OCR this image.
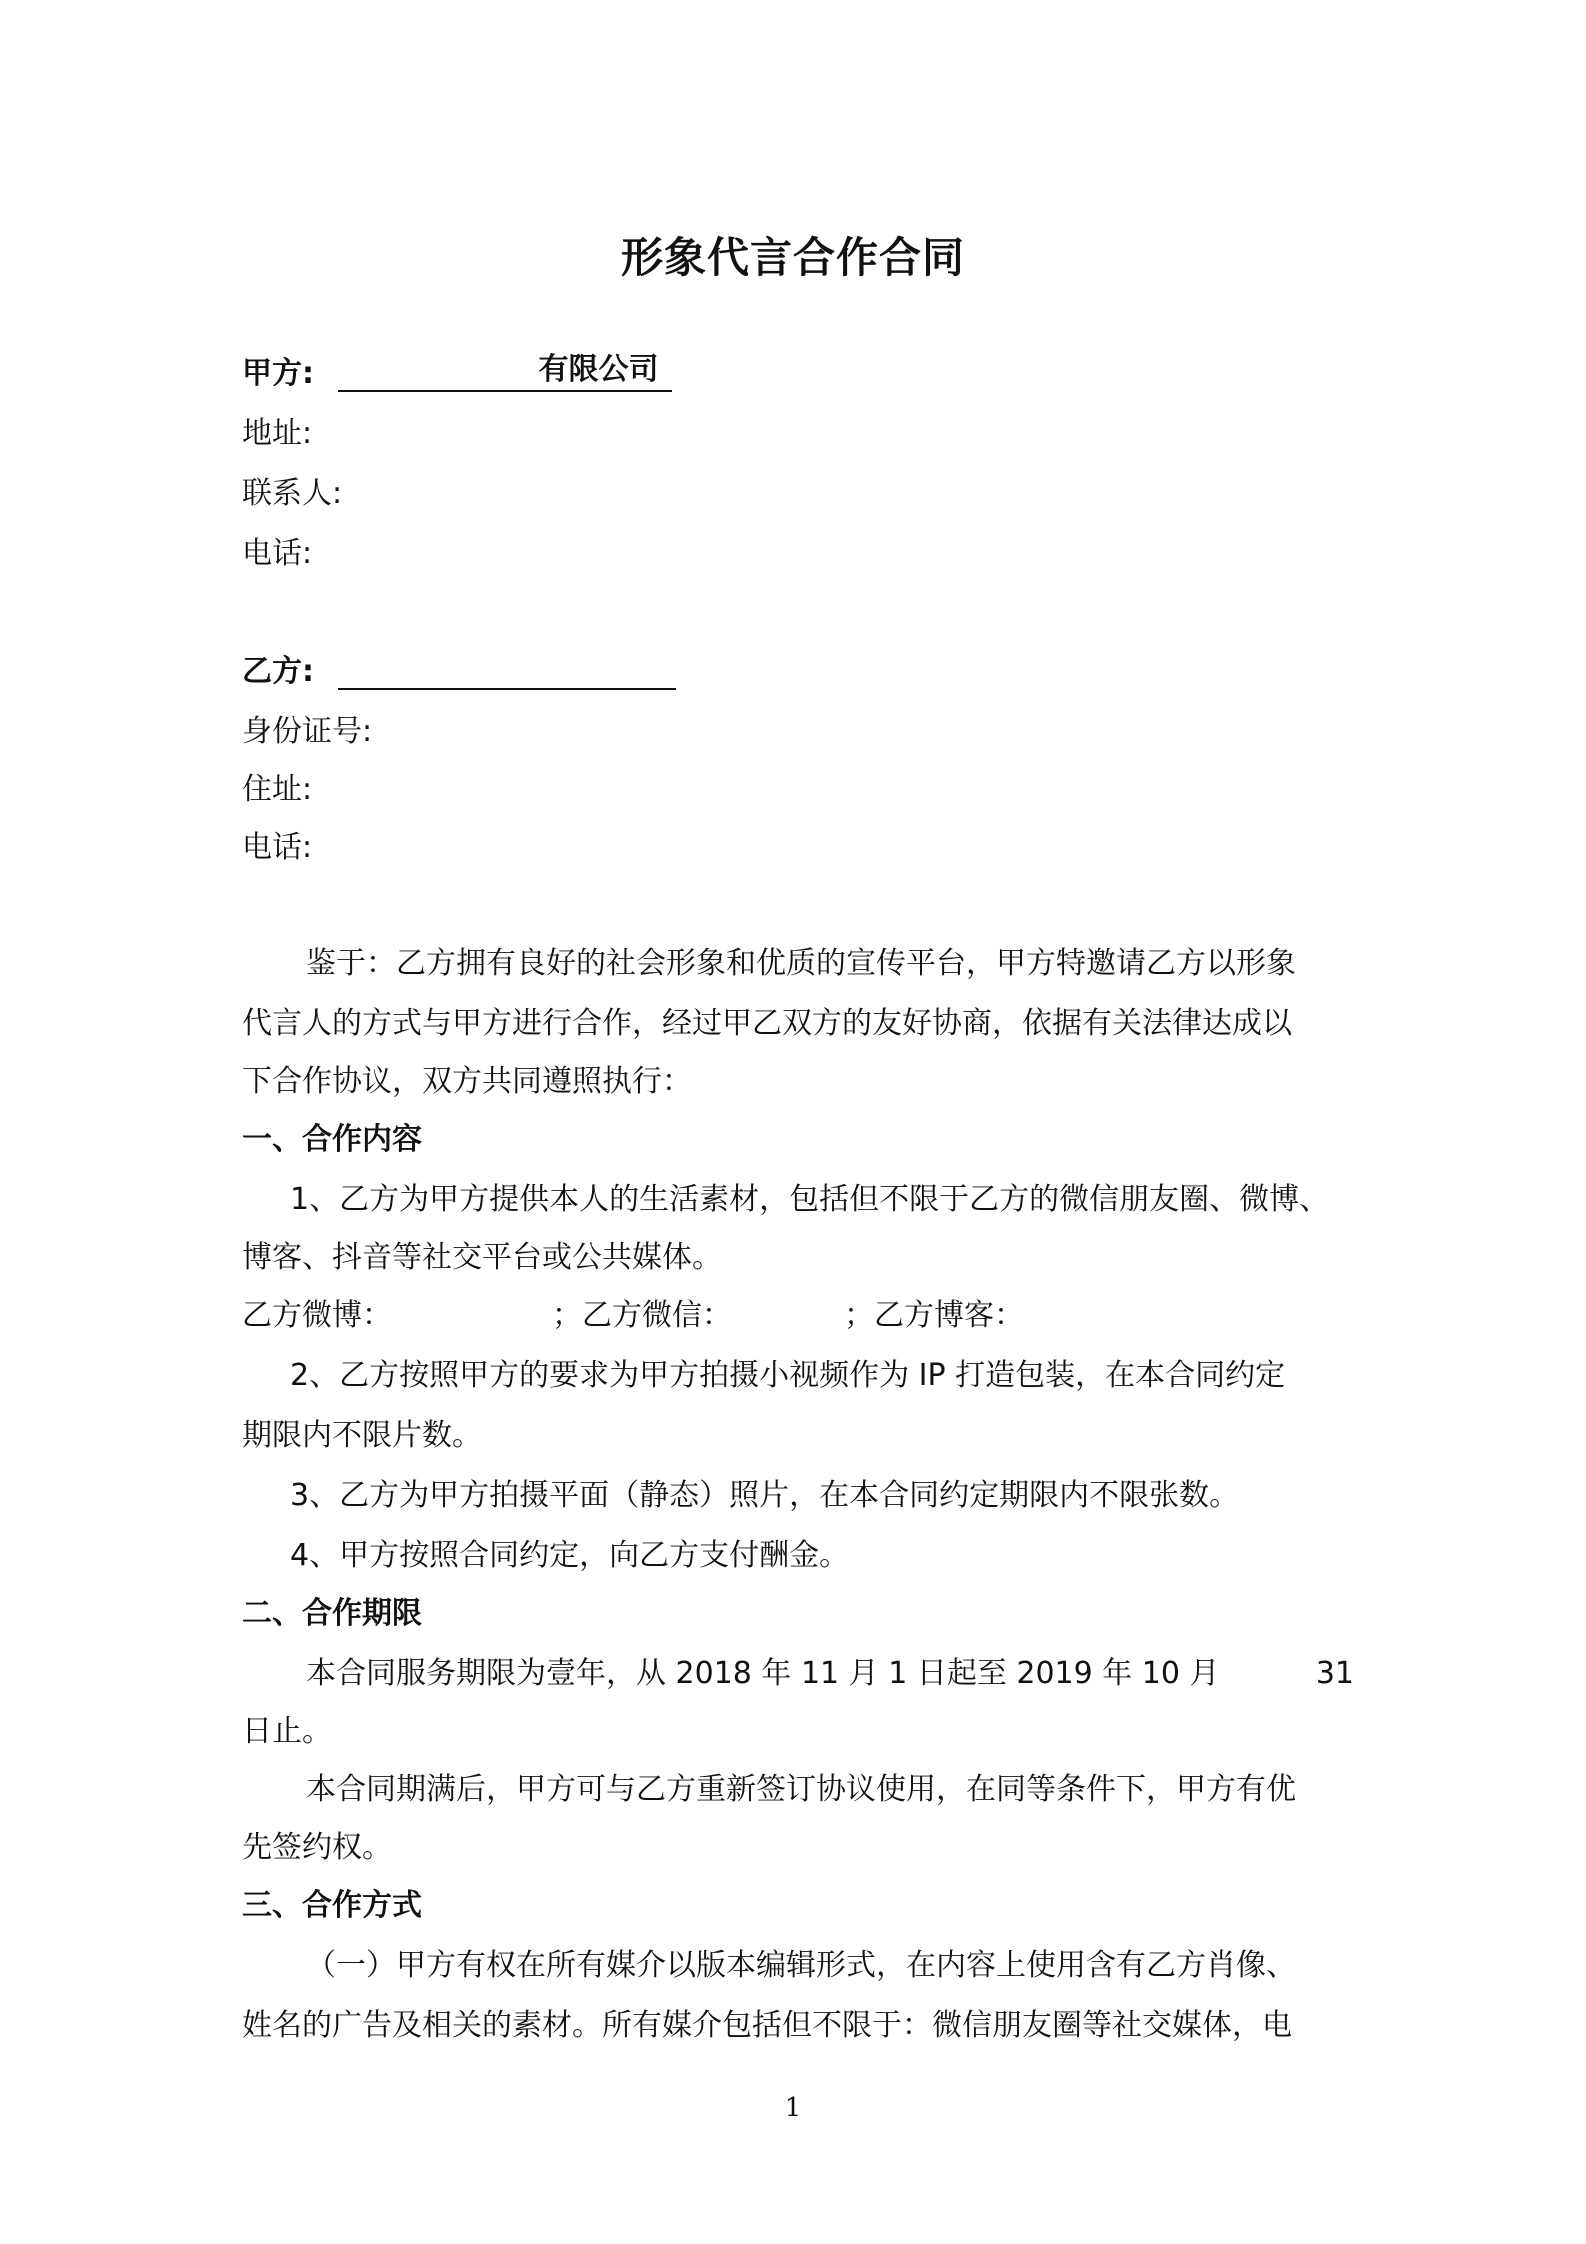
形象代言合作合同
甲方:	有限公司
地址:
联系人:
电话:
乙方:
身份证号:
住址:
电话:
鉴于：乙方拥有良好的社会形象和优质的宣传平台，甲方特邀请乙方以形象
代言人的方式与甲方进行合作，经过甲乙双方的友好协商，依据有关法律达成以
下合作协议，双方共同遵照执行：
一、合作内容
1、乙方为甲方提供本人的生活素材，包括但不限于乙方的微信朋友圈、微博、
博客、抖音等社交平台或公共媒体。
乙方微博：	；乙方微信：	；乙方博客：
2、乙方按照甲方的要求为甲方拍摄小视频作为 IP 打造包装，在本合同约定
期限内不限片数。
3、乙方为甲方拍摄平面（静态）照片，在本合同约定期限内不限张数。
4、甲方按照合同约定，向乙方支付酬金。
二、合作期限
本合同服务期限为壹年，从 2018 年 11 月 1 日起至 2019 年 10 月	31
日止。
本合同期满后，甲方可与乙方重新签订协议使用，在同等条件下，甲方有优
先签约权。
三、合作方式
（一）甲方有权在所有媒介以版本编辑形式，在内容上使用含有乙方肖像、
姓名的广告及相关的素材。所有媒介包括但不限于：微信朋友圈等社交媒体，电
1
